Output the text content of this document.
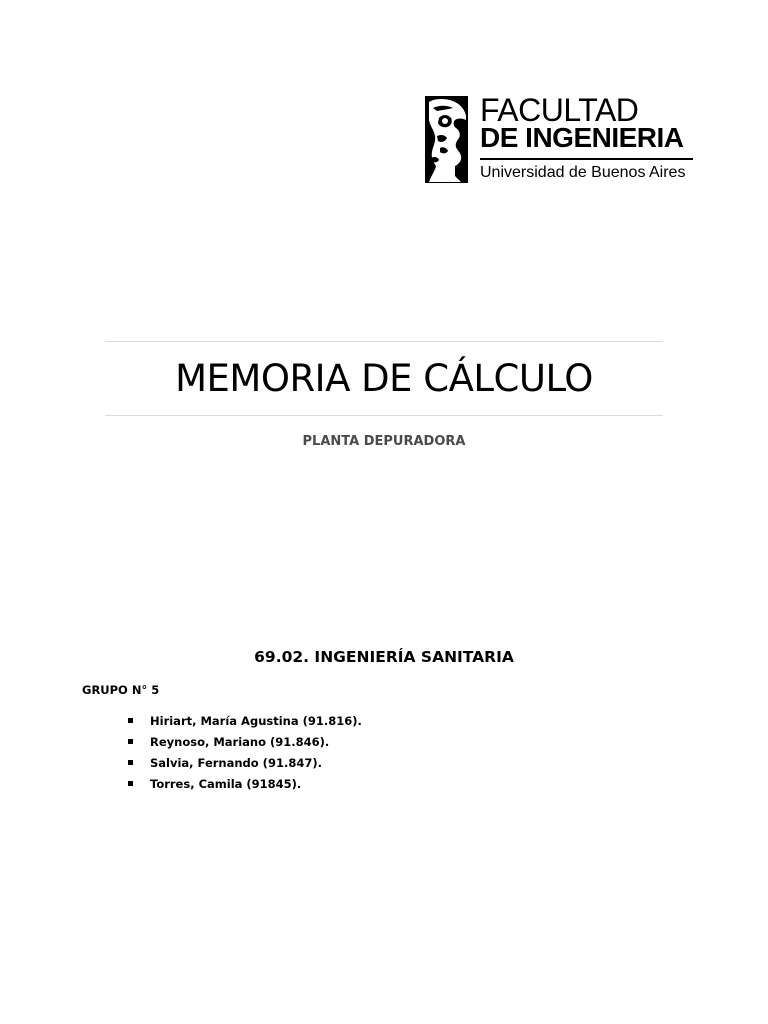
FACULTAD
DE INGENIERIA
Universidad de Buenos Aires
MEMORIA DE CÁLCULO
PLANTA DEPURADORA
69.02. INGENIERÍA SANITARIA
GRUPO N° 5
Hiriart, María Agustina (91.816).
Reynoso, Mariano (91.846).
Salvia, Fernando (91.847).
Torres, Camila (91845).
